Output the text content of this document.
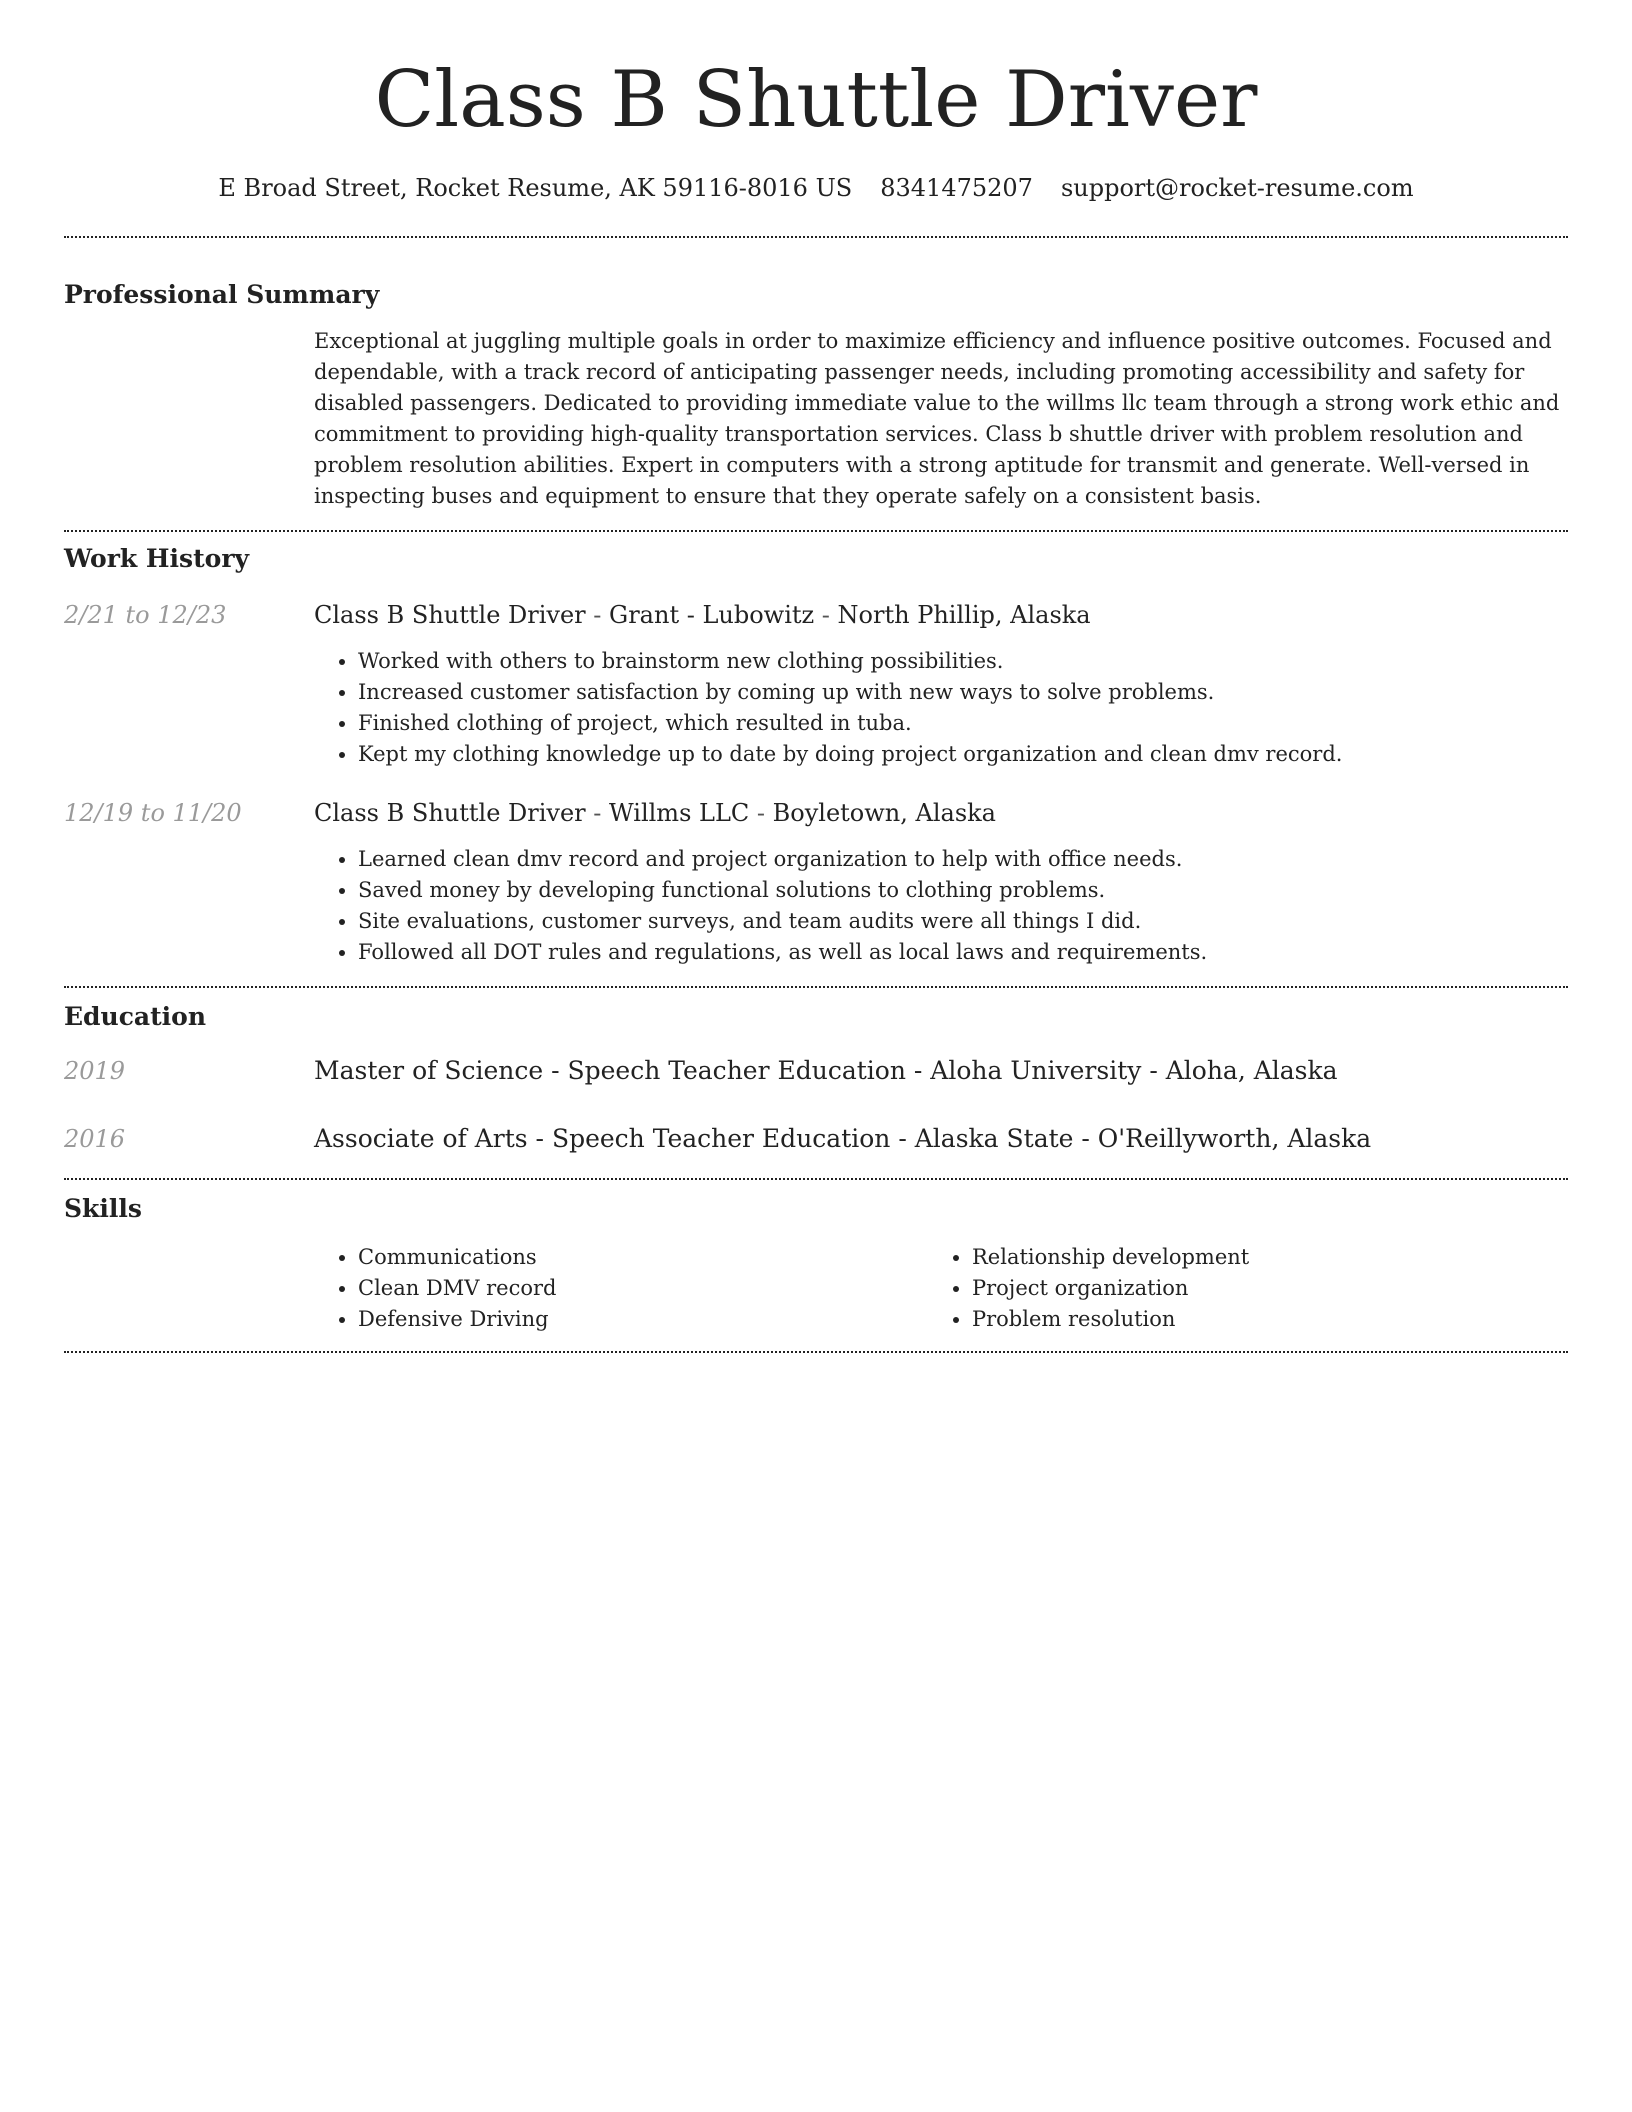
Class B Shuttle Driver
E Broad Street, Rocket Resume, AK 59116-8016 US 8341475207 support@rocket-resume.com
Professional Summary

Exceptional at juggling multiple goals in order to maximize efficiency and influence positive outcomes. Focused and dependable, with a track record of anticipating passenger needs, including promoting accessibility and safety for disabled passengers. Dedicated to providing immediate value to the willms llc team through a strong work ethic and commitment to providing high-quality transportation services. Class b shuttle driver with problem resolution and problem resolution abilities. Expert in computers with a strong aptitude for transmit and generate. Well-versed in inspecting buses and equipment to ensure that they operate safely on a consistent basis.

Work History
2/21 to 12/23	Class B Shuttle Driver - Grant - Lubowitz - North Phillip, Alaska
• Worked with others to brainstorm new clothing possibilities.
• Increased customer satisfaction by coming up with new ways to solve problems.
• Finished clothing of project, which resulted in tuba.
• Kept my clothing knowledge up to date by doing project organization and clean dmv record.
12/19 to 11/20	Class B Shuttle Driver - Willms LLC - Boyletown, Alaska
• Learned clean dmv record and project organization to help with office needs.
• Saved money by developing functional solutions to clothing problems.
• Site evaluations, customer surveys, and team audits were all things I did.
• Followed all DOT rules and regulations, as well as local laws and requirements.
Education
2019	Master of Science - Speech Teacher Education - Aloha University - Aloha, Alaska
2016	Associate of Arts - Speech Teacher Education - Alaska State - O'Reillyworth, Alaska
Skills
• Communications
• Clean DMV record
• Defensive Driving
• Relationship development
• Project organization
• Problem resolution
